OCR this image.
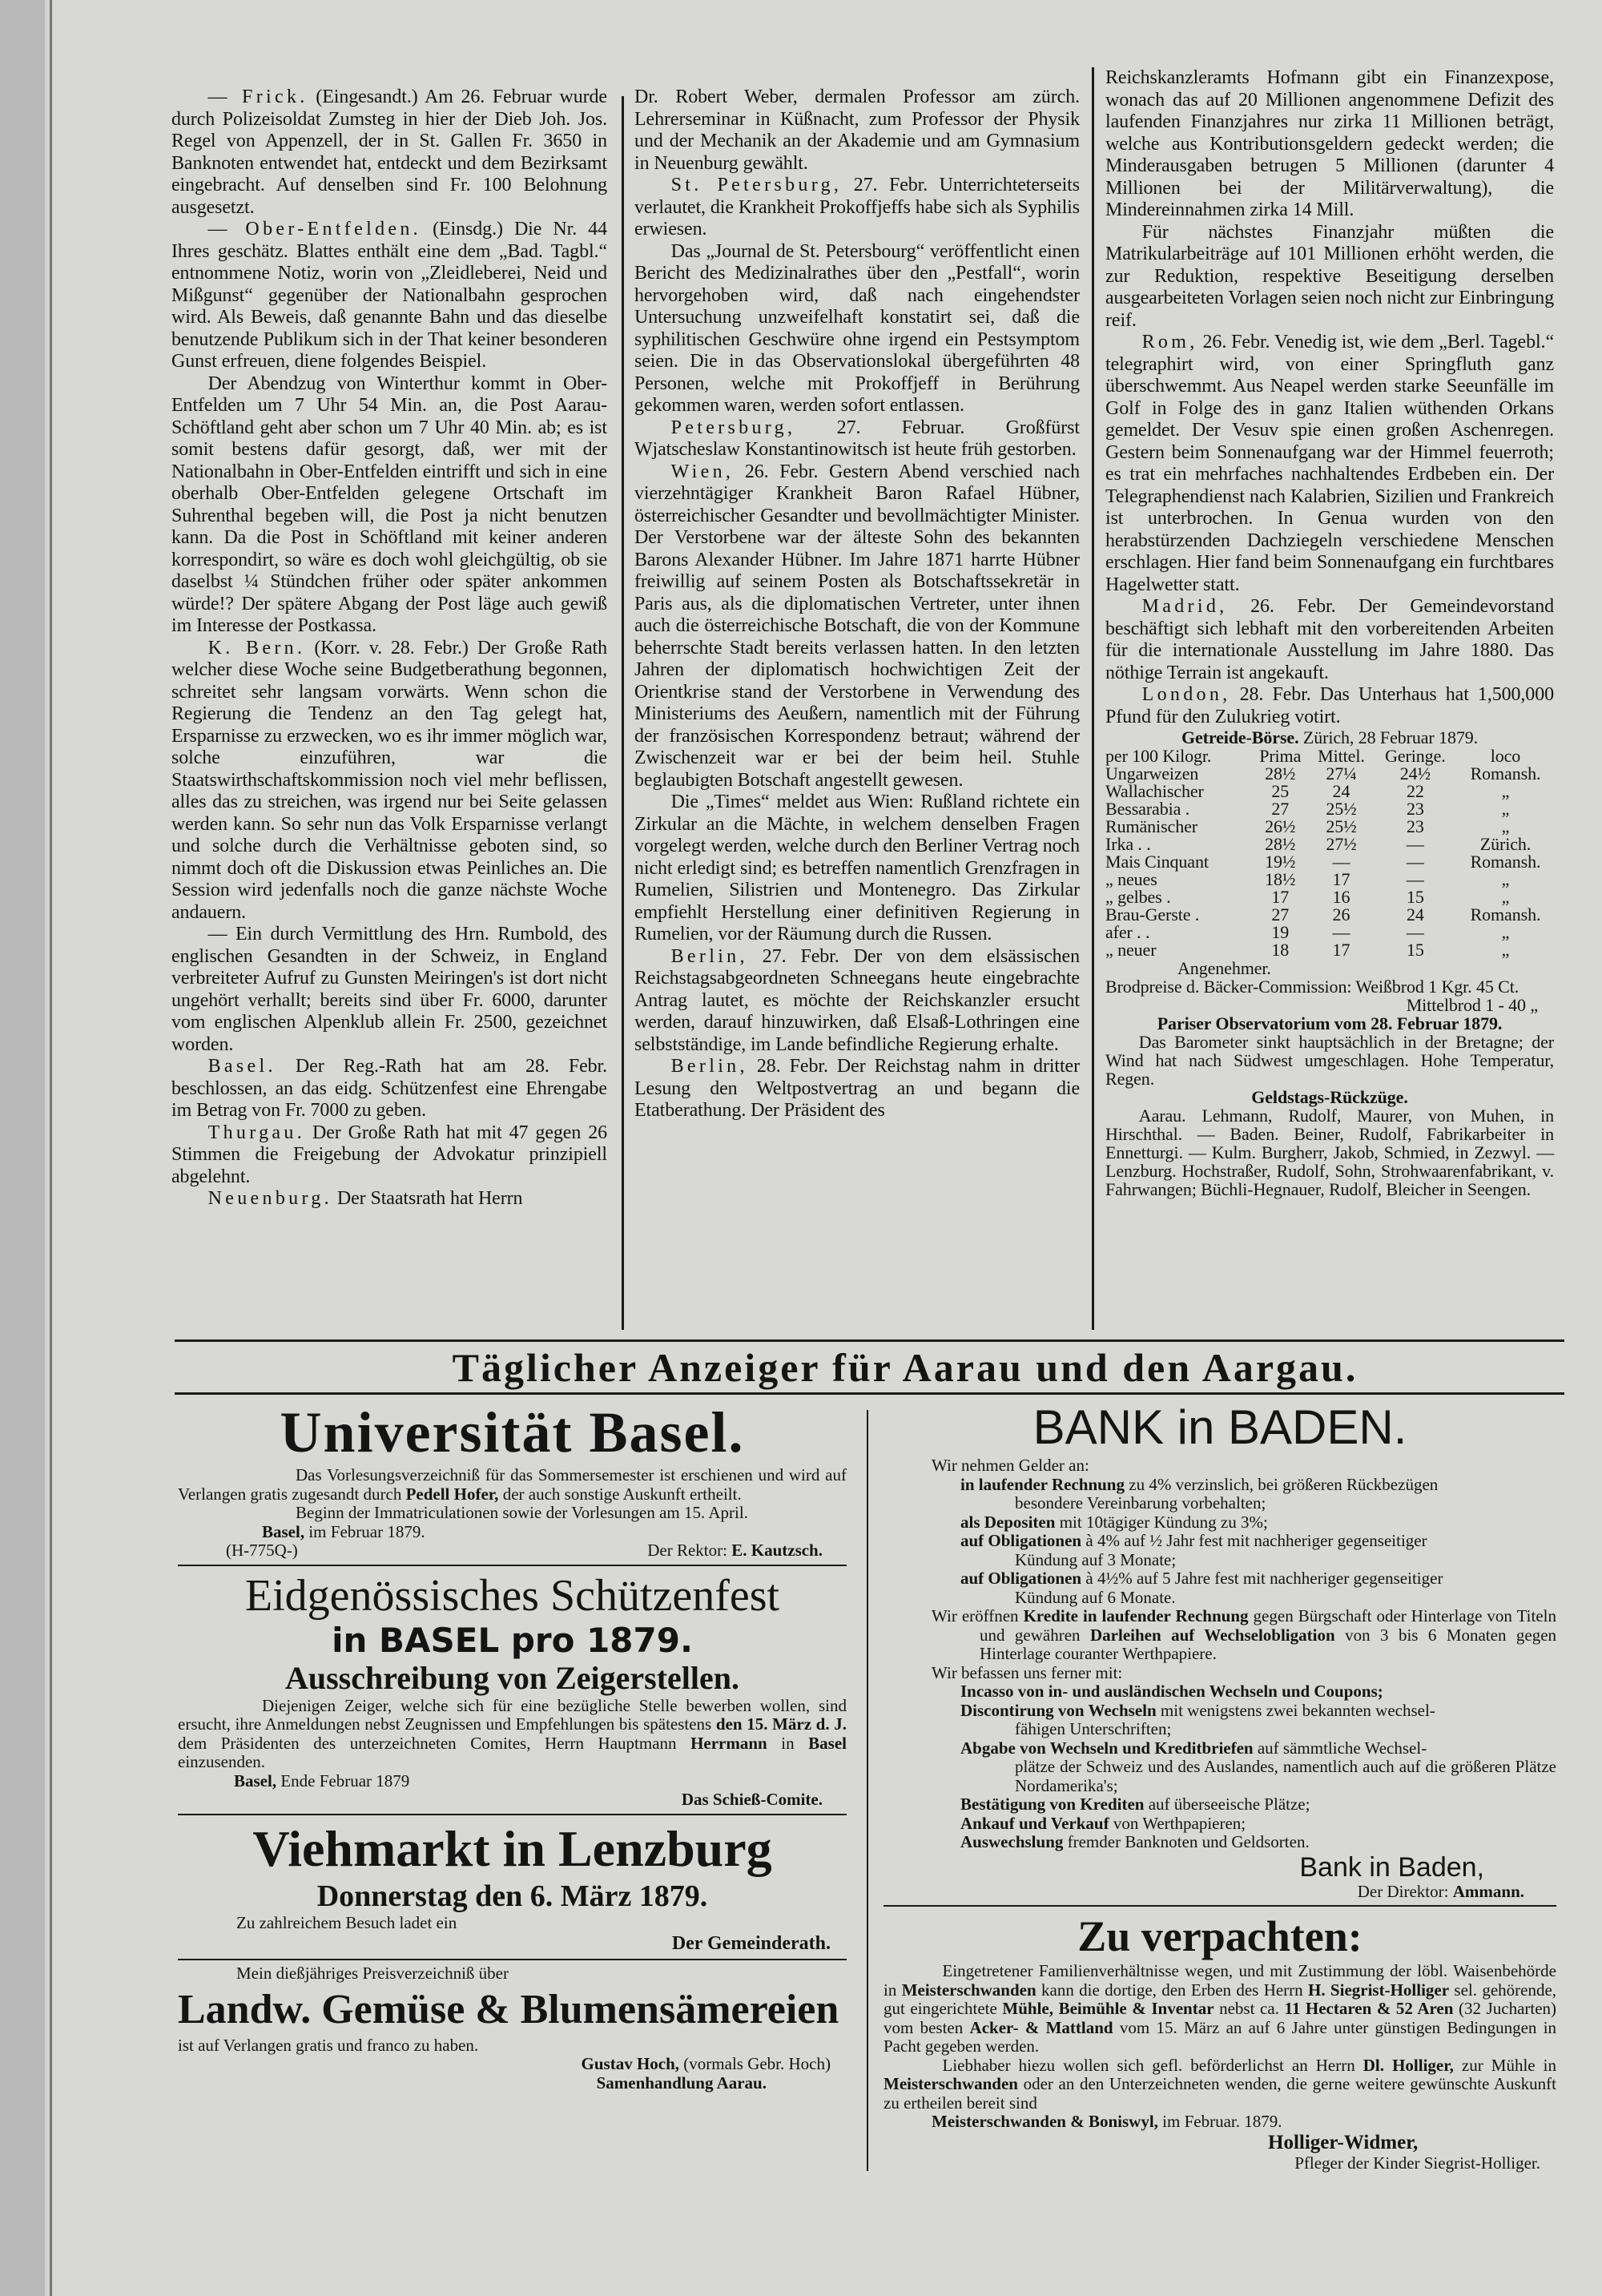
— Frick. (Eingesandt.) Am 26. Februar wurde durch Polizeisoldat Zumsteg in hier der Dieb Joh. Jos. Regel von Appenzell, der in St. Gallen Fr. 3650 in Banknoten entwendet hat, entdeckt und dem Bezirksamt eingebracht. Auf denselben sind Fr. 100 Belohnung ausgesetzt.

— Ober-Entfelden. (Einsdg.) Die Nr. 44 Ihres geschätz. Blattes enthält eine dem „Bad. Tagbl.“ entnommene Notiz, worin von „Zleidleberei, Neid und Mißgunst“ gegenüber der Nationalbahn gesprochen wird. Als Beweis, daß genannte Bahn und das dieselbe benutzende Publikum sich in der That keiner besonderen Gunst erfreuen, diene folgendes Beispiel.

Der Abendzug von Winterthur kommt in Ober-Entfelden um 7 Uhr 54 Min. an, die Post Aarau-Schöftland geht aber schon um 7 Uhr 40 Min. ab; es ist somit bestens dafür gesorgt, daß, wer mit der Nationalbahn in Ober-Entfelden eintrifft und sich in eine oberhalb Ober-Entfelden gelegene Ortschaft im Suhrenthal begeben will, die Post ja nicht benutzen kann. Da die Post in Schöftland mit keiner anderen korrespondirt, so wäre es doch wohl gleichgültig, ob sie daselbst ¼ Stündchen früher oder später ankommen würde!? Der spätere Abgang der Post läge auch gewiß im Interesse der Postkassa.

K. Bern. (Korr. v. 28. Febr.) Der Große Rath welcher diese Woche seine Budgetberathung begonnen, schreitet sehr langsam vorwärts. Wenn schon die Regierung die Tendenz an den Tag gelegt hat, Ersparnisse zu erzwecken, wo es ihr immer möglich war, solche einzuführen, war die Staatswirthschaftskommission noch viel mehr beflissen, alles das zu streichen, was irgend nur bei Seite gelassen werden kann. So sehr nun das Volk Ersparnisse verlangt und solche durch die Verhältnisse geboten sind, so nimmt doch oft die Diskussion etwas Peinliches an. Die Session wird jedenfalls noch die ganze nächste Woche andauern.

— Ein durch Vermittlung des Hrn. Rumbold, des englischen Gesandten in der Schweiz, in England verbreiteter Aufruf zu Gunsten Meiringen's ist dort nicht ungehört verhallt; bereits sind über Fr. 6000, darunter vom englischen Alpenklub allein Fr. 2500, gezeichnet worden.

Basel. Der Reg.-Rath hat am 28. Febr. beschlossen, an das eidg. Schützenfest eine Ehrengabe im Betrag von Fr. 7000 zu geben.

Thurgau. Der Große Rath hat mit 47 gegen 26 Stimmen die Freigebung der Advokatur prinzipiell abgelehnt.

Neuenburg. Der Staatsrath hat Herrn

Dr. Robert Weber, dermalen Professor am zürch. Lehrerseminar in Küßnacht, zum Professor der Physik und der Mechanik an der Akademie und am Gymnasium in Neuenburg gewählt.

St. Petersburg, 27. Febr. Unterrichteterseits verlautet, die Krankheit Prokoffjeffs habe sich als Syphilis erwiesen.

Das „Journal de St. Petersbourg“ veröffentlicht einen Bericht des Medizinalrathes über den „Pestfall“, worin hervorgehoben wird, daß nach eingehendster Untersuchung unzweifelhaft konstatirt sei, daß die syphilitischen Geschwüre ohne irgend ein Pestsymptom seien. Die in das Observationslokal übergeführten 48 Personen, welche mit Prokoffjeff in Berührung gekommen waren, werden sofort entlassen.

Petersburg, 27. Februar. Großfürst Wjatscheslaw Konstantinowitsch ist heute früh gestorben.

Wien, 26. Febr. Gestern Abend verschied nach vierzehntägiger Krankheit Baron Rafael Hübner, österreichischer Gesandter und bevollmächtigter Minister. Der Verstorbene war der älteste Sohn des bekannten Barons Alexander Hübner. Im Jahre 1871 harrte Hübner freiwillig auf seinem Posten als Botschaftssekretär in Paris aus, als die diplomatischen Vertreter, unter ihnen auch die österreichische Botschaft, die von der Kommune beherrschte Stadt bereits verlassen hatten. In den letzten Jahren der diplomatisch hochwichtigen Zeit der Orientkrise stand der Verstorbene in Verwendung des Ministeriums des Aeußern, namentlich mit der Führung der französischen Korrespondenz betraut; während der Zwischenzeit war er bei der beim heil. Stuhle beglaubigten Botschaft angestellt gewesen.

Die „Times“ meldet aus Wien: Rußland richtete ein Zirkular an die Mächte, in welchem denselben Fragen vorgelegt werden, welche durch den Berliner Vertrag noch nicht erledigt sind; es betreffen namentlich Grenzfragen in Rumelien, Silistrien und Montenegro. Das Zirkular empfiehlt Herstellung einer definitiven Regierung in Rumelien, vor der Räumung durch die Russen.

Berlin, 27. Febr. Der von dem elsässischen Reichstagsabgeordneten Schneegans heute eingebrachte Antrag lautet, es möchte der Reichskanzler ersucht werden, darauf hinzuwirken, daß Elsaß-Lothringen eine selbstständige, im Lande befindliche Regierung erhalte.

Berlin, 28. Febr. Der Reichstag nahm in dritter Lesung den Weltpostvertrag an und begann die Etatberathung. Der Präsident des

Reichskanzleramts Hofmann gibt ein Finanzexpose, wonach das auf 20 Millionen angenommene Defizit des laufenden Finanzjahres nur zirka 11 Millionen beträgt, welche aus Kontributionsgeldern gedeckt werden; die Minderausgaben betrugen 5 Millionen (darunter 4 Millionen bei der Militärverwaltung), die Mindereinnahmen zirka 14 Mill.

Für nächstes Finanzjahr müßten die Matrikularbeiträge auf 101 Millionen erhöht werden, die zur Reduktion, respektive Beseitigung derselben ausgearbeiteten Vorlagen seien noch nicht zur Einbringung reif.

Rom, 26. Febr. Venedig ist, wie dem „Berl. Tagebl.“ telegraphirt wird, von einer Springfluth ganz überschwemmt. Aus Neapel werden starke Seeunfälle im Golf in Folge des in ganz Italien wüthenden Orkans gemeldet. Der Vesuv spie einen großen Aschenregen. Gestern beim Sonnenaufgang war der Himmel feuerroth; es trat ein mehrfaches nachhaltendes Erdbeben ein. Der Telegraphendienst nach Kalabrien, Sizilien und Frankreich ist unterbrochen. In Genua wurden von den herabstürzenden Dachziegeln verschiedene Menschen erschlagen. Hier fand beim Sonnenaufgang ein furchtbares Hagelwetter statt.

Madrid, 26. Febr. Der Gemeindevorstand beschäftigt sich lebhaft mit den vorbereitenden Arbeiten für die internationale Ausstellung im Jahre 1880. Das nöthige Terrain ist angekauft.

London, 28. Febr. Das Unterhaus hat 1,500,000 Pfund für den Zulukrieg votirt.

Getreide-Börse. Zürich, 28 Februar 1879.
per 100 Kilogr.	Prima	Mittel.	Geringe.	loco
Ungarweizen	28½	27¼	24½	Romansh.
Wallachischer	25	24	22	„
Bessarabia .	27	25½	23	„
Rumänischer	26½	25½	23	„
Irka . .	28½	27½	—	Zürich.
Mais Cinquant	19½	—	—	Romansh.
„ neues	18½	17	—	„
„ gelbes .	17	16	15	„
Brau-Gerste .	27	26	24	Romansh.
afer . .	19	—	—	„
„ neuer	18	17	15	„
Angenehmer.
Brodpreise d. Bäcker-Commission: Weißbrod 1 Kgr. 45 Ct.
Mittelbrod 1 - 40 „
Pariser Observatorium vom 28. Februar 1879.

Das Barometer sinkt hauptsächlich in der Bretagne; der Wind hat nach Südwest umgeschlagen. Hohe Temperatur, Regen.

Geldstags-Rückzüge.

Aarau. Lehmann, Rudolf, Maurer, von Muhen, in Hirschthal. — Baden. Beiner, Rudolf, Fabrikarbeiter in Ennetturgi. — Kulm. Burgherr, Jakob, Schmied, in Zezwyl. — Lenzburg. Hochstraßer, Rudolf, Sohn, Strohwaarenfabrikant, v. Fahrwangen; Büchli-Hegnauer, Rudolf, Bleicher in Seengen.

Täglicher Anzeiger für Aarau und den Aargau.
Universität Basel.

Das Vorlesungsverzeichniß für das Sommersemester ist erschienen und wird auf Verlangen gratis zugesandt durch Pedell Hofer, der auch sonstige Auskunft ertheilt.

Beginn der Immatriculationen sowie der Vorlesungen am 15. April.

Basel, im Februar 1879.

(H-775Q-)	Der Rektor: E. Kautzsch.

Eidgenössisches Schützenfest
in BASEL pro 1879.
Ausschreibung von Zeigerstellen.

Diejenigen Zeiger, welche sich für eine bezügliche Stelle bewerben wollen, sind ersucht, ihre Anmeldungen nebst Zeugnissen und Empfehlungen bis spätestens den 15. März d. J. dem Präsidenten des unterzeichneten Comites, Herrn Hauptmann Herrmann in Basel einzusenden.

Basel, Ende Februar 1879

Das Schieß-Comite.

Viehmarkt in Lenzburg
Donnerstag den 6. März 1879.
Zu zahlreichem Besuch ladet ein
Der Gemeinderath.
Mein dießjähriges Preisverzeichniß über
Landw. Gemüse & Blumensämereien
ist auf Verlangen gratis und franco zu haben.
Gustav Hoch, (vormals Gebr. Hoch)
Samenhandlung Aarau.
BANK in BADEN.

Wir nehmen Gelder an:

in laufender Rechnung zu 4% verzinslich, bei größeren Rückbezügen

besondere Vereinbarung vorbehalten;

als Depositen mit 10tägiger Kündung zu 3%;

auf Obligationen à 4% auf ½ Jahr fest mit nachheriger gegenseitiger

Kündung auf 3 Monate;

auf Obligationen à 4½% auf 5 Jahre fest mit nachheriger gegenseitiger

Kündung auf 6 Monate.

Wir eröffnen Kredite in laufender Rechnung gegen Bürgschaft oder Hinterlage von Titeln und gewähren Darleihen auf Wechselobligation von 3 bis 6 Monaten gegen Hinterlage couranter Werthpapiere.

Wir befassen uns ferner mit:

Incasso von in- und ausländischen Wechseln und Coupons;

Discontirung von Wechseln mit wenigstens zwei bekannten wechsel-

fähigen Unterschriften;

Abgabe von Wechseln und Kreditbriefen auf sämmtliche Wechsel-

plätze der Schweiz und des Auslandes, namentlich auch auf die größeren Plätze Nordamerika's;

Bestätigung von Krediten auf überseeische Plätze;

Ankauf und Verkauf von Werthpapieren;

Auswechslung fremder Banknoten und Geldsorten.

Bank in Baden,
Der Direktor: Ammann.
Zu verpachten:

Eingetretener Familienverhältnisse wegen, und mit Zustimmung der löbl. Waisenbehörde in Meisterschwanden kann die dortige, den Erben des Herrn H. Siegrist-Holliger sel. gehörende, gut eingerichtete Mühle, Beimühle & Inventar nebst ca. 11 Hectaren & 52 Aren (32 Jucharten) vom besten Acker- & Mattland vom 15. März an auf 6 Jahre unter günstigen Bedingungen in Pacht gegeben werden.

Liebhaber hiezu wollen sich gefl. beförderlichst an Herrn Dl. Holliger, zur Mühle in Meisterschwanden oder an den Unterzeichneten wenden, die gerne weitere gewünschte Auskunft zu ertheilen bereit sind

Meisterschwanden & Boniswyl, im Februar. 1879.

Holliger-Widmer,

Pfleger der Kinder Siegrist-Holliger.
